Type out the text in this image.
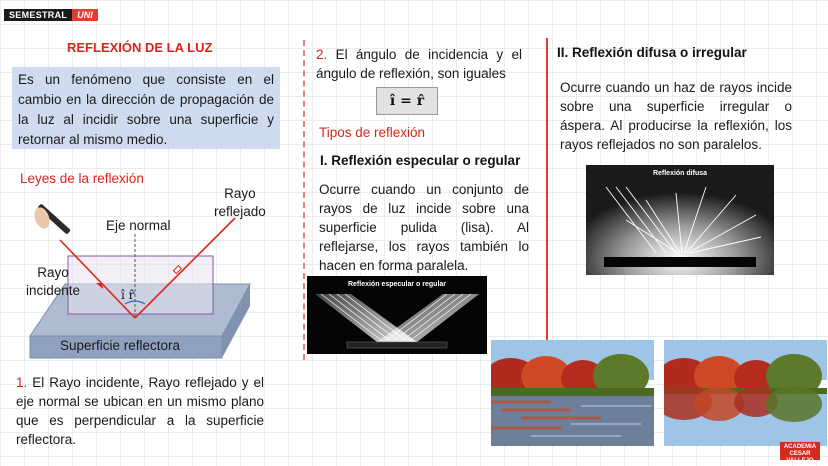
SEMESTRAL	UNI
REFLEXIÓN DE LA LUZ
Es un fenómeno que consiste en el cambio en la dirección de propagación de la luz al incidir sobre una superficie y retornar al mismo medio.
Leyes de la reflexión
Rayo
reflejado
Eje normal
Rayo
incidente	î r̂
Superficie reflectora
1. El Rayo incidente, Rayo reflejado y el eje normal se ubican en un mismo plano que es perpendicular a la superficie reflectora.
2. El ángulo de incidencia y el ángulo de reflexión, son iguales
î = r̂
Tipos de reflexión
I. Reflexión especular o regular
Ocurre cuando un conjunto de rayos de luz incide sobre una superficie pulida (lisa). Al reflejarse, los rayos también lo hacen en forma paralela.
Reflexión especular o regular
II. Reflexión difusa o irregular
Ocurre cuando un haz de rayos incide sobre una superficie irregular o áspera. Al producirse la reflexión, los rayos reflejados no son paralelos.
Reflexión difusa
ACADEMIA
CESAR
VALLEJO
